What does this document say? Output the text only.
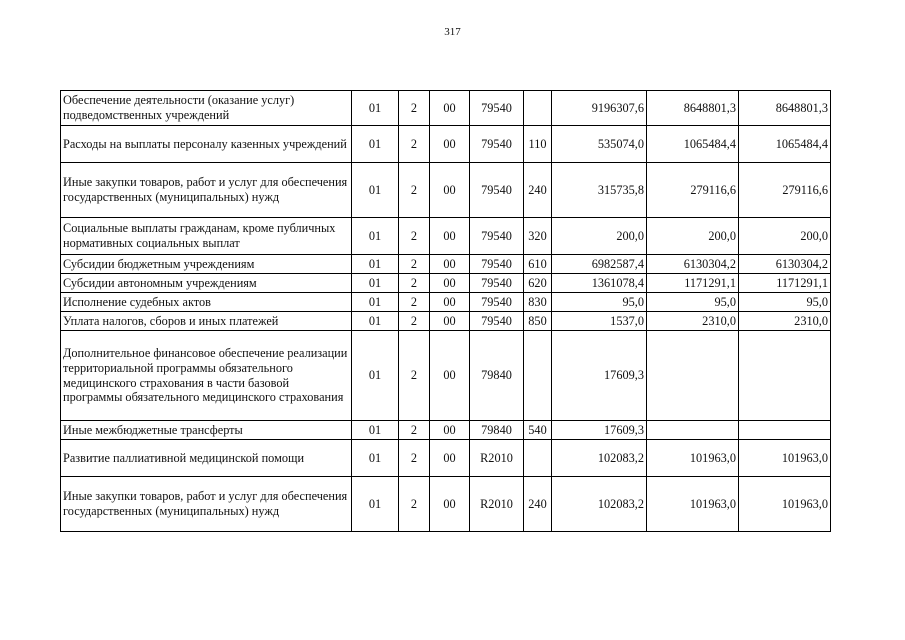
317
Обеспечение деятельности (оказание услуг) подведомственных учреждений	01	2	00	79540		9196307,6	8648801,3	8648801,3
Расходы на выплаты персоналу казенных учреждений	01	2	00	79540	110	535074,0	1065484,4	1065484,4
Иные закупки товаров, работ и услуг для обеспечения государственных (муниципальных) нужд	01	2	00	79540	240	315735,8	279116,6	279116,6
Социальные выплаты гражданам, кроме публичных нормативных социальных выплат	01	2	00	79540	320	200,0	200,0	200,0
Субсидии бюджетным учреждениям	01	2	00	79540	610	6982587,4	6130304,2	6130304,2
Субсидии автономным учреждениям	01	2	00	79540	620	1361078,4	1171291,1	1171291,1
Исполнение судебных актов	01	2	00	79540	830	95,0	95,0	95,0
Уплата налогов, сборов и иных платежей	01	2	00	79540	850	1537,0	2310,0	2310,0
Дополнительное финансовое обеспечение реализации территориальной программы обязательного медицинского страхования в части базовой программы обязательного медицинского страхования	01	2	00	79840		17609,3		
Иные межбюджетные трансферты	01	2	00	79840	540	17609,3		
Развитие паллиативной медицинской помощи	01	2	00	R2010		102083,2	101963,0	101963,0
Иные закупки товаров, работ и услуг для обеспечения государственных (муниципальных) нужд	01	2	00	R2010	240	102083,2	101963,0	101963,0
